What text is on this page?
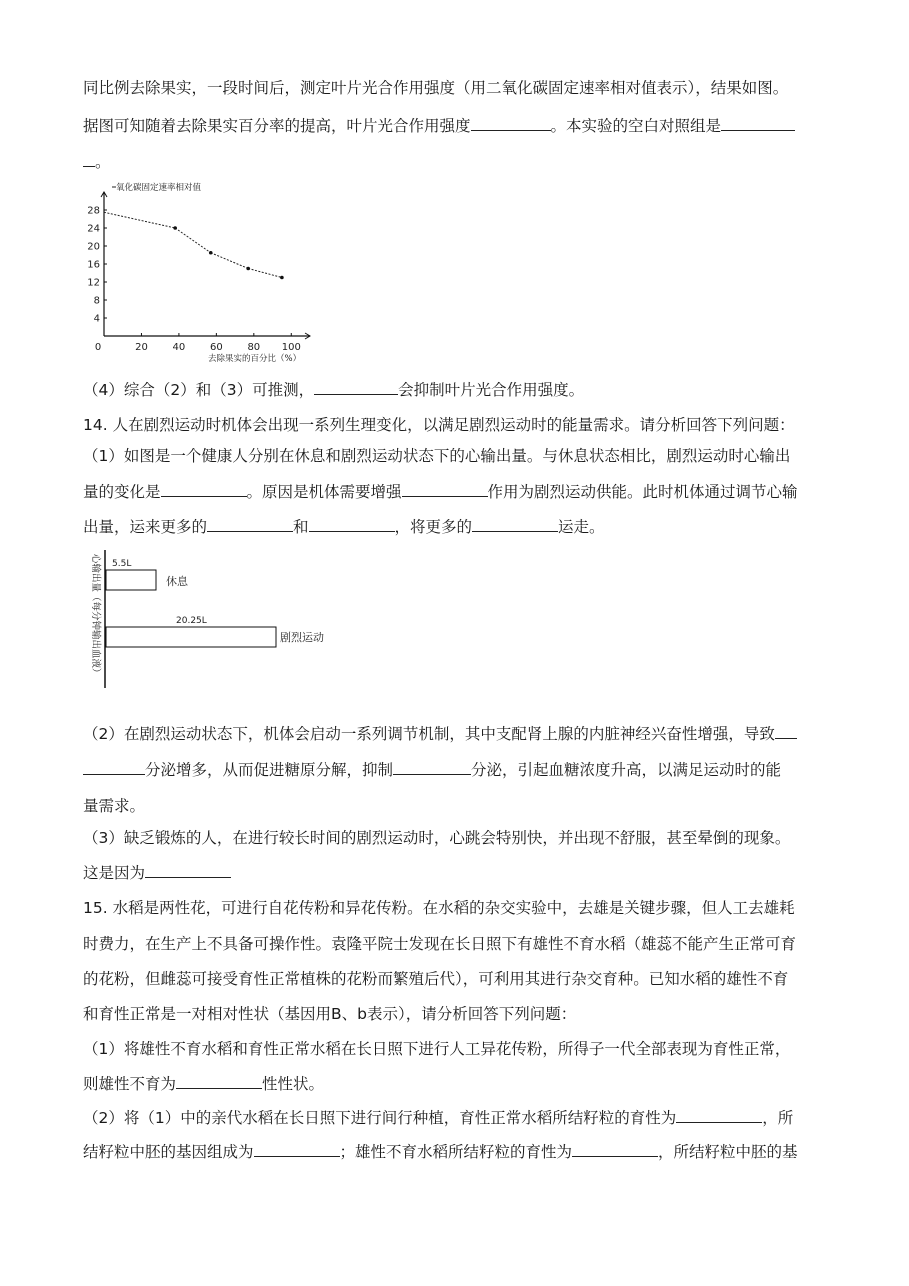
同比例去除果实，一段时间后，测定叶片光合作用强度（用二氧化碳固定速率相对值表示），结果如图。
据图可知随着去除果实百分率的提高，叶片光合作用强度	。本实验的空白对照组是
。
4
8
12
16
20
24
28
0	20 40 60 80 100
氧化碳固定速率相对值
去除果实的百分比（%）
（4）综合（2）和（3）可推测，	会抑制叶片光合作用强度。
14. 人在剧烈运动时机体会出现一系列生理变化，以满足剧烈运动时的能量需求。请分析回答下列问题：
（1）如图是一个健康人分别在休息和剧烈运动状态下的心输出量。与休息状态相比，剧烈运动时心输出
量的变化是	。原因是机体需要增强	作用为剧烈运动供能。此时机体通过调节心输
出量，运来更多的	和	，将更多的	运走。
心输出量（每分钟输出血液） 5.5L
休息
20.25L
剧烈运动
（2）在剧烈运动状态下，机体会启动一系列调节机制，其中支配肾上腺的内脏神经兴奋性增强，导致
分泌增多，从而促进糖原分解，抑制	分泌，引起血糖浓度升高，以满足运动时的能
量需求。
（3）缺乏锻炼的人，在进行较长时间的剧烈运动时，心跳会特别快，并出现不舒服，甚至晕倒的现象。
这是因为
15. 水稻是两性花，可进行自花传粉和异花传粉。在水稻的杂交实验中，去雄是关键步骤，但人工去雄耗
时费力，在生产上不具备可操作性。袁隆平院士发现在长日照下有雄性不育水稻（雄蕊不能产生正常可育
的花粉，但雌蕊可接受育性正常植株的花粉而繁殖后代），可利用其进行杂交育种。已知水稻的雄性不育
和育性正常是一对相对性状（基因用B、b表示），请分析回答下列问题：
（1）将雄性不育水稻和育性正常水稻在长日照下进行人工异花传粉，所得子一代全部表现为育性正常，
则雄性不育为	性性状。
（2）将（1）中的亲代水稻在长日照下进行间行种植，育性正常水稻所结籽粒的育性为	，所
结籽粒中胚的基因组成为	；雄性不育水稻所结籽粒的育性为	，所结籽粒中胚的基
